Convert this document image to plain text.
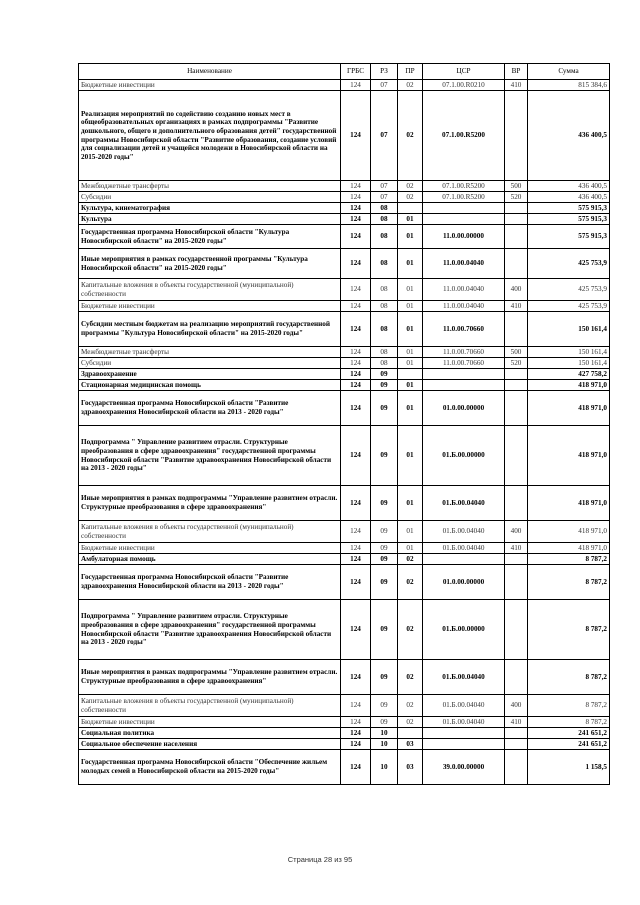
Наименование	ГРБС	РЗ	ПР	ЦСР	ВР	Сумма
Бюджетные инвестиции	124	07	02	07.1.00.R0210	410	815 384,6
Реализация мероприятий по содействию созданию новых мест в общеобразовательных организациях в рамках подпрограммы "Развитие дошкольного, общего и дополнительного образования детей" государственной программы Новосибирской области "Развитие образования, создание условий для социализации детей и учащейся молодежи в Новосибирской области на 2015-2020 годы"	124	07	02	07.1.00.R5200		436 400,5
Межбюджетные трансферты	124	07	02	07.1.00.R5200	500	436 400,5
Субсидии	124	07	02	07.1.00.R5200	520	436 400,5
Культура, кинематография	124	08				575 915,3
Культура	124	08	01			575 915,3
Государственная программа Новосибирской области "Культура Новосибирской области" на 2015-2020 годы"	124	08	01	11.0.00.00000		575 915,3
Иные мероприятия в рамках государственной программы "Культура Новосибирской области" на 2015-2020 годы"	124	08	01	11.0.00.04040		425 753,9
Капитальные вложения в объекты государственной (муниципальной) собственности	124	08	01	11.0.00.04040	400	425 753,9
Бюджетные инвестиции	124	08	01	11.0.00.04040	410	425 753,9
Субсидии местным бюджетам на реализацию мероприятий государственной программы "Культура Новосибирской области" на 2015-2020 годы"	124	08	01	11.0.00.70660		150 161,4
Межбюджетные трансферты	124	08	01	11.0.00.70660	500	150 161,4
Субсидии	124	08	01	11.0.00.70660	520	150 161,4
Здравоохранение	124	09				427 758,2
Стационарная медицинская помощь	124	09	01			418 971,0
Государственная программа Новосибирской области "Развитие здравоохранения Новосибирской области на 2013 - 2020 годы"	124	09	01	01.0.00.00000		418 971,0
Подпрограмма " Управление развитием отрасли. Структурные преобразования в сфере здравоохранения" государственной программы Новосибирской области "Развитие здравоохранения Новосибирской области на 2013 - 2020 годы"	124	09	01	01.Б.00.00000		418 971,0
Иные мероприятия в рамках подпрограммы "Управление развитием отрасли. Структурные преобразования в сфере здравоохранения"	124	09	01	01.Б.00.04040		418 971,0
Капитальные вложения в объекты государственной (муниципальной) собственности	124	09	01	01.Б.00.04040	400	418 971,0
Бюджетные инвестиции	124	09	01	01.Б.00.04040	410	418 971,0
Амбулаторная помощь	124	09	02			8 787,2
Государственная программа Новосибирской области "Развитие здравоохранения Новосибирской области на 2013 - 2020 годы"	124	09	02	01.0.00.00000		8 787,2
Подпрограмма " Управление развитием отрасли. Структурные преобразования в сфере здравоохранения" государственной программы Новосибирской области "Развитие здравоохранения Новосибирской области на 2013 - 2020 годы"	124	09	02	01.Б.00.00000		8 787,2
Иные мероприятия в рамках подпрограммы "Управление развитием отрасли. Структурные преобразования в сфере здравоохранения"	124	09	02	01.Б.00.04040		8 787,2
Капитальные вложения в объекты государственной (муниципальной) собственности	124	09	02	01.Б.00.04040	400	8 787,2
Бюджетные инвестиции	124	09	02	01.Б.00.04040	410	8 787,2
Социальная политика	124	10				241 651,2
Социальное обеспечение населения	124	10	03			241 651,2
Государственная программа Новосибирской области "Обеспечение жильем молодых семей в Новосибирской области на 2015-2020 годы"	124	10	03	39.0.00.00000		1 158,5
Страница 28 из 95
